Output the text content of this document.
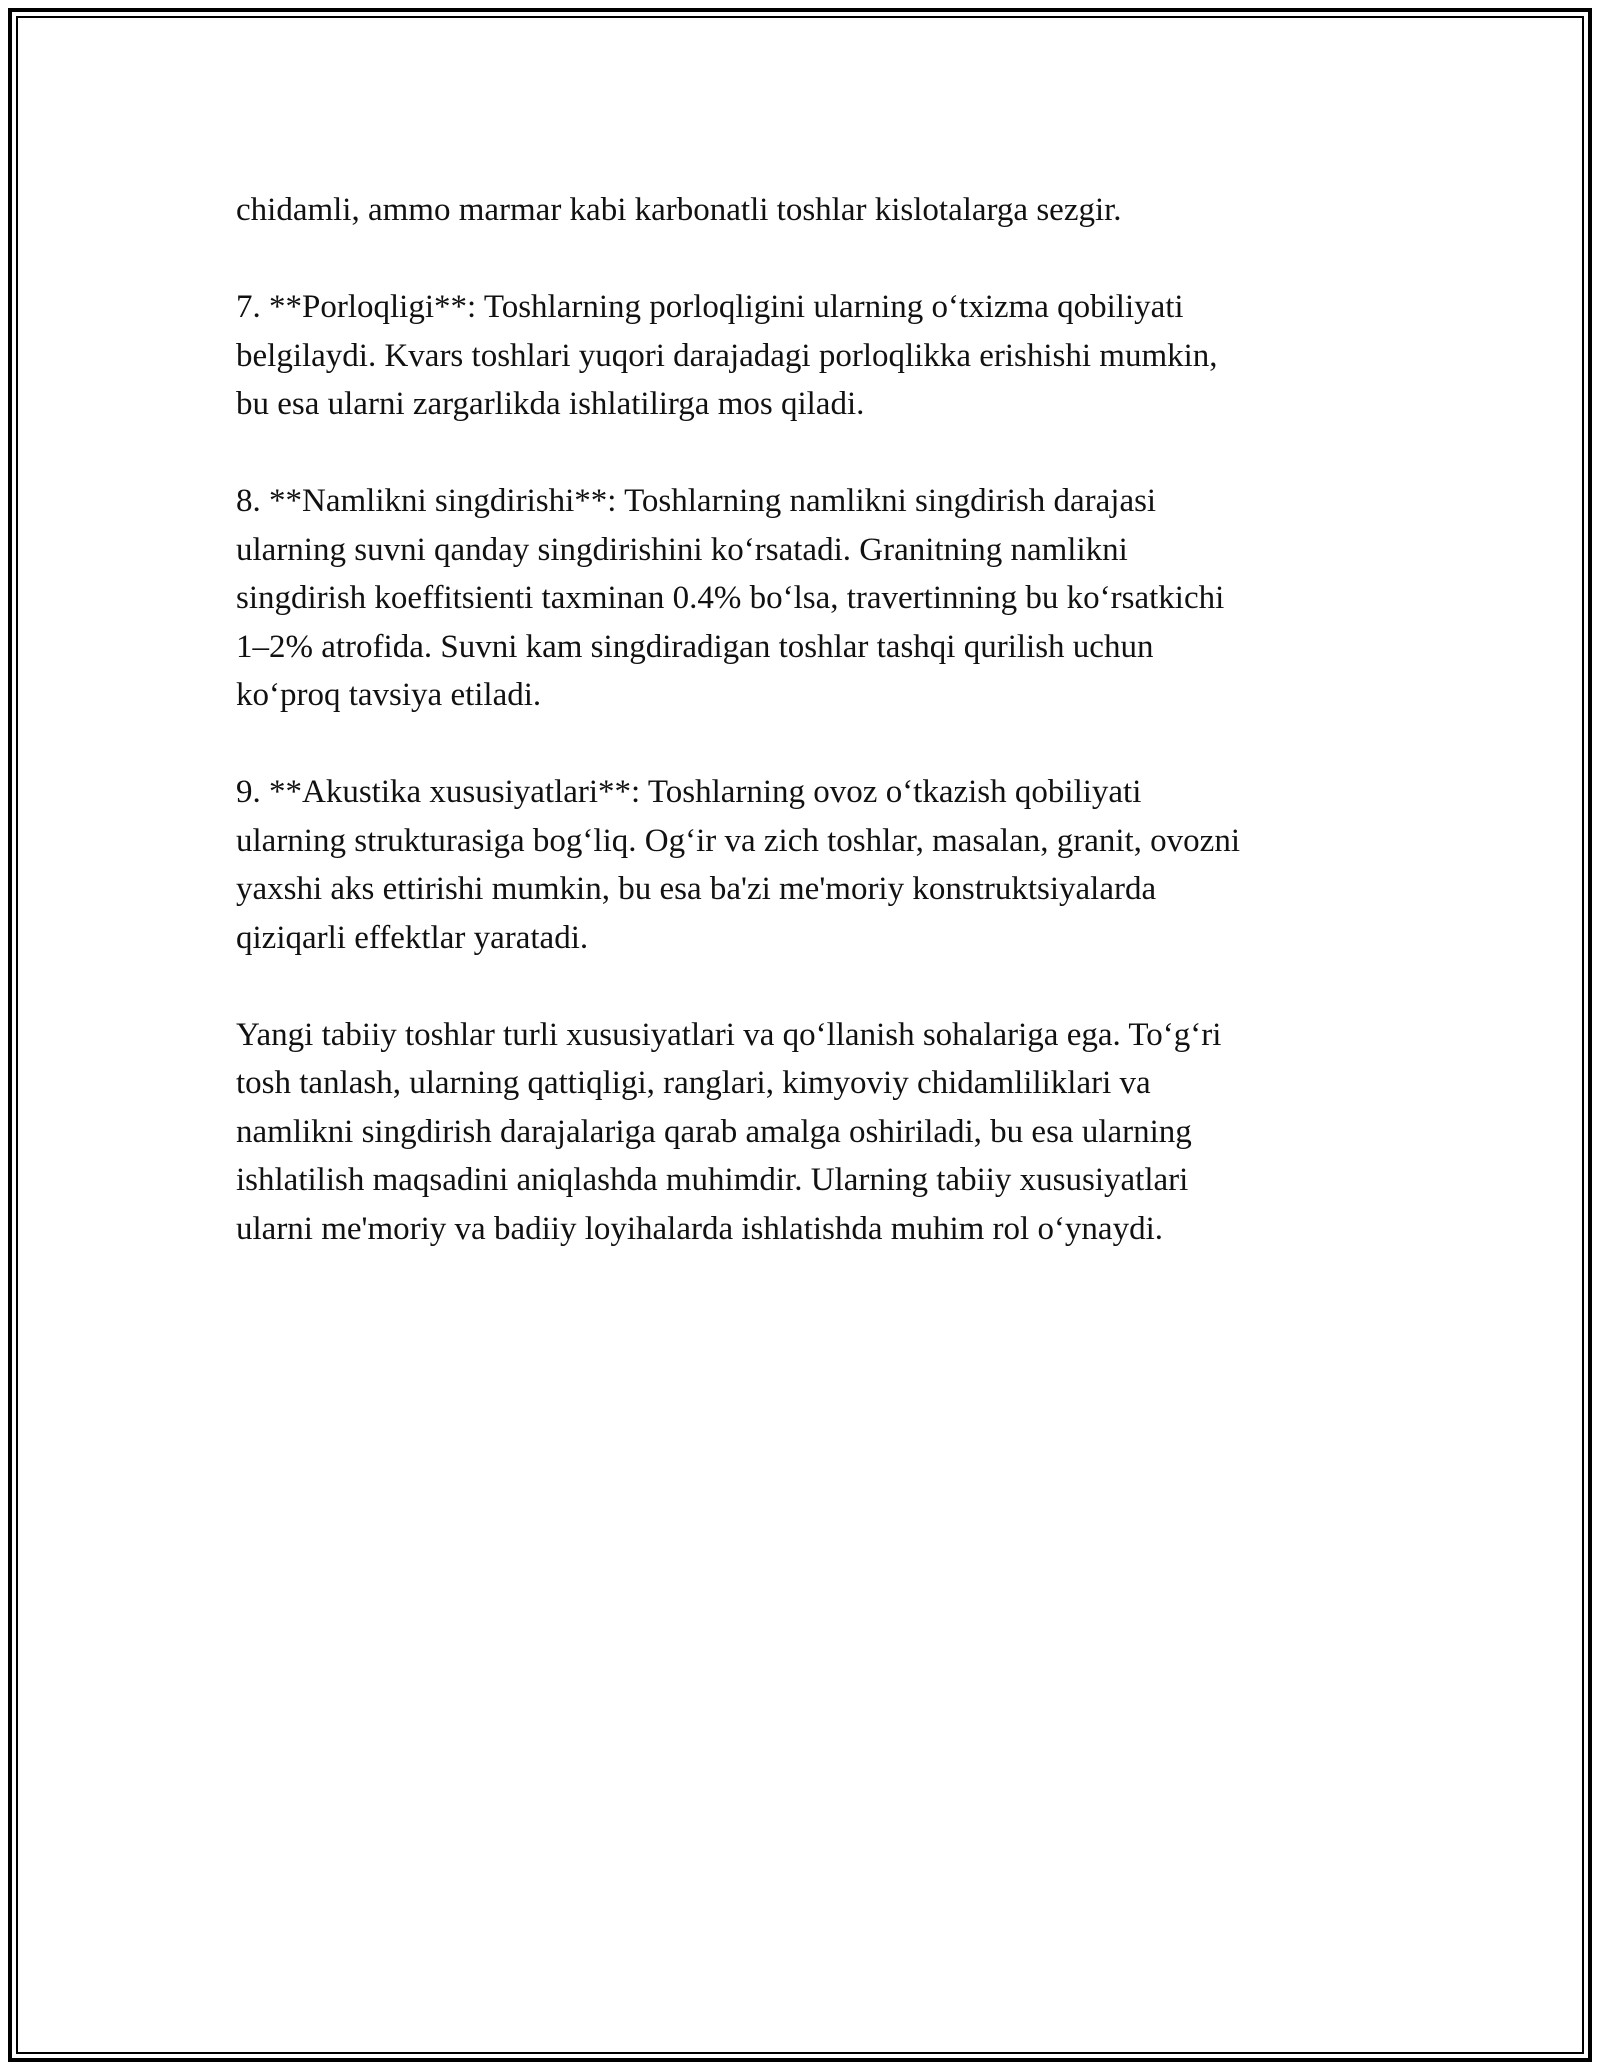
chidamli, ammo marmar kabi karbonatli toshlar kislotalarga sezgir.

7. **Porloqligi**: Toshlarning porloqligini ularning o‘txizma qobiliyati
belgilaydi. Kvars toshlari yuqori darajadagi porloqlikka erishishi mumkin,
bu esa ularni zargarlikda ishlatilirga mos qiladi.

8. **Namlikni singdirishi**: Toshlarning namlikni singdirish darajasi
ularning suvni qanday singdirishini ko‘rsatadi. Granitning namlikni
singdirish koeffitsienti taxminan 0.4% bo‘lsa, travertinning bu ko‘rsatkichi
1–2% atrofida. Suvni kam singdiradigan toshlar tashqi qurilish uchun
ko‘proq tavsiya etiladi.

9. **Akustika xususiyatlari**: Toshlarning ovoz o‘tkazish qobiliyati
ularning strukturasiga bog‘liq. Og‘ir va zich toshlar, masalan, granit, ovozni
yaxshi aks ettirishi mumkin, bu esa ba'zi me'moriy konstruktsiyalarda
qiziqarli effektlar yaratadi.

Yangi tabiiy toshlar turli xususiyatlari va qo‘llanish sohalariga ega. To‘g‘ri
tosh tanlash, ularning qattiqligi, ranglari, kimyoviy chidamliliklari va
namlikni singdirish darajalariga qarab amalga oshiriladi, bu esa ularning
ishlatilish maqsadini aniqlashda muhimdir. Ularning tabiiy xususiyatlari
ularni me'moriy va badiiy loyihalarda ishlatishda muhim rol o‘ynaydi.
